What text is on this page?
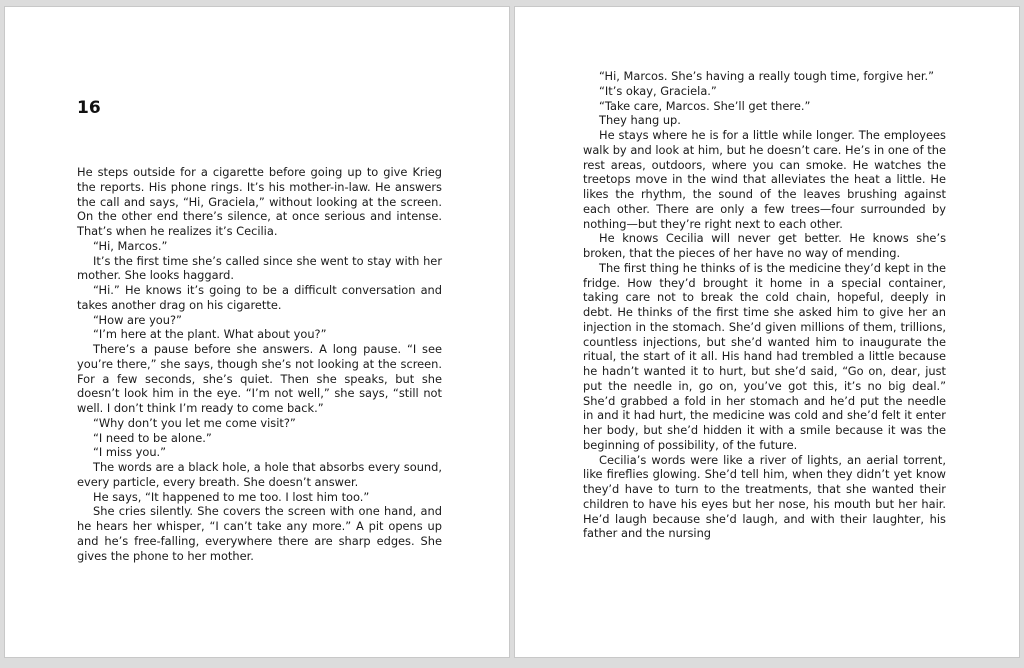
16

He steps outside for a cigarette before going up to give Krieg the reports. His phone rings. It’s his mother-in-law. He answers the call and says, “Hi, Graciela,” without looking at the screen. On the other end there’s silence, at once serious and intense. That’s when he realizes it’s Cecilia.

“Hi, Marcos.”

It’s the first time she’s called since she went to stay with her mother. She looks haggard.

“Hi.” He knows it’s going to be a difficult conversation and takes another drag on his cigarette.

“How are you?”

“I’m here at the plant. What about you?”

There’s a pause before she answers. A long pause. “I see you’re there,” she says, though she’s not looking at the screen. For a few seconds, she’s quiet. Then she speaks, but she doesn’t look him in the eye. “I’m not well,” she says, “still not well. I don’t think I’m ready to come back.”

“Why don’t you let me come visit?”

“I need to be alone.”

“I miss you.”

The words are a black hole, a hole that absorbs every sound, every particle, every breath. She doesn’t answer.

He says, “It happened to me too. I lost him too.”

She cries silently. She covers the screen with one hand, and he hears her whisper, “I can’t take any more.” A pit opens up and he’s free-falling, everywhere there are sharp edges. She gives the phone to her mother.

“Hi, Marcos. She’s having a really tough time, forgive her.”

“It’s okay, Graciela.”

“Take care, Marcos. She’ll get there.”

They hang up.

He stays where he is for a little while longer. The employees walk by and look at him, but he doesn’t care. He’s in one of the rest areas, outdoors, where you can smoke. He watches the treetops move in the wind that alleviates the heat a little. He likes the rhythm, the sound of the leaves brushing against each other. There are only a few trees—four surrounded by nothing—but they’re right next to each other.

He knows Cecilia will never get better. He knows she’s broken, that the pieces of her have no way of mending.

The first thing he thinks of is the medicine they’d kept in the fridge. How they’d brought it home in a special container, taking care not to break the cold chain, hopeful, deeply in debt. He thinks of the first time she asked him to give her an injection in the stomach. She’d given millions of them, trillions, countless injections, but she’d wanted him to inaugurate the ritual, the start of it all. His hand had trembled a little because he hadn’t wanted it to hurt, but she’d said, “Go on, dear, just put the needle in, go on, you’ve got this, it’s no big deal.” She’d grabbed a fold in her stomach and he’d put the needle in and it had hurt, the medicine was cold and she’d felt it enter her body, but she’d hidden it with a smile because it was the beginning of possibility, of the future.

Cecilia’s words were like a river of lights, an aerial torrent, like fireflies glowing. She’d tell him, when they didn’t yet know they’d have to turn to the treatments, that she wanted their children to have his eyes but her nose, his mouth but her hair. He’d laugh because she’d laugh, and with their laughter, his father and the nursing
